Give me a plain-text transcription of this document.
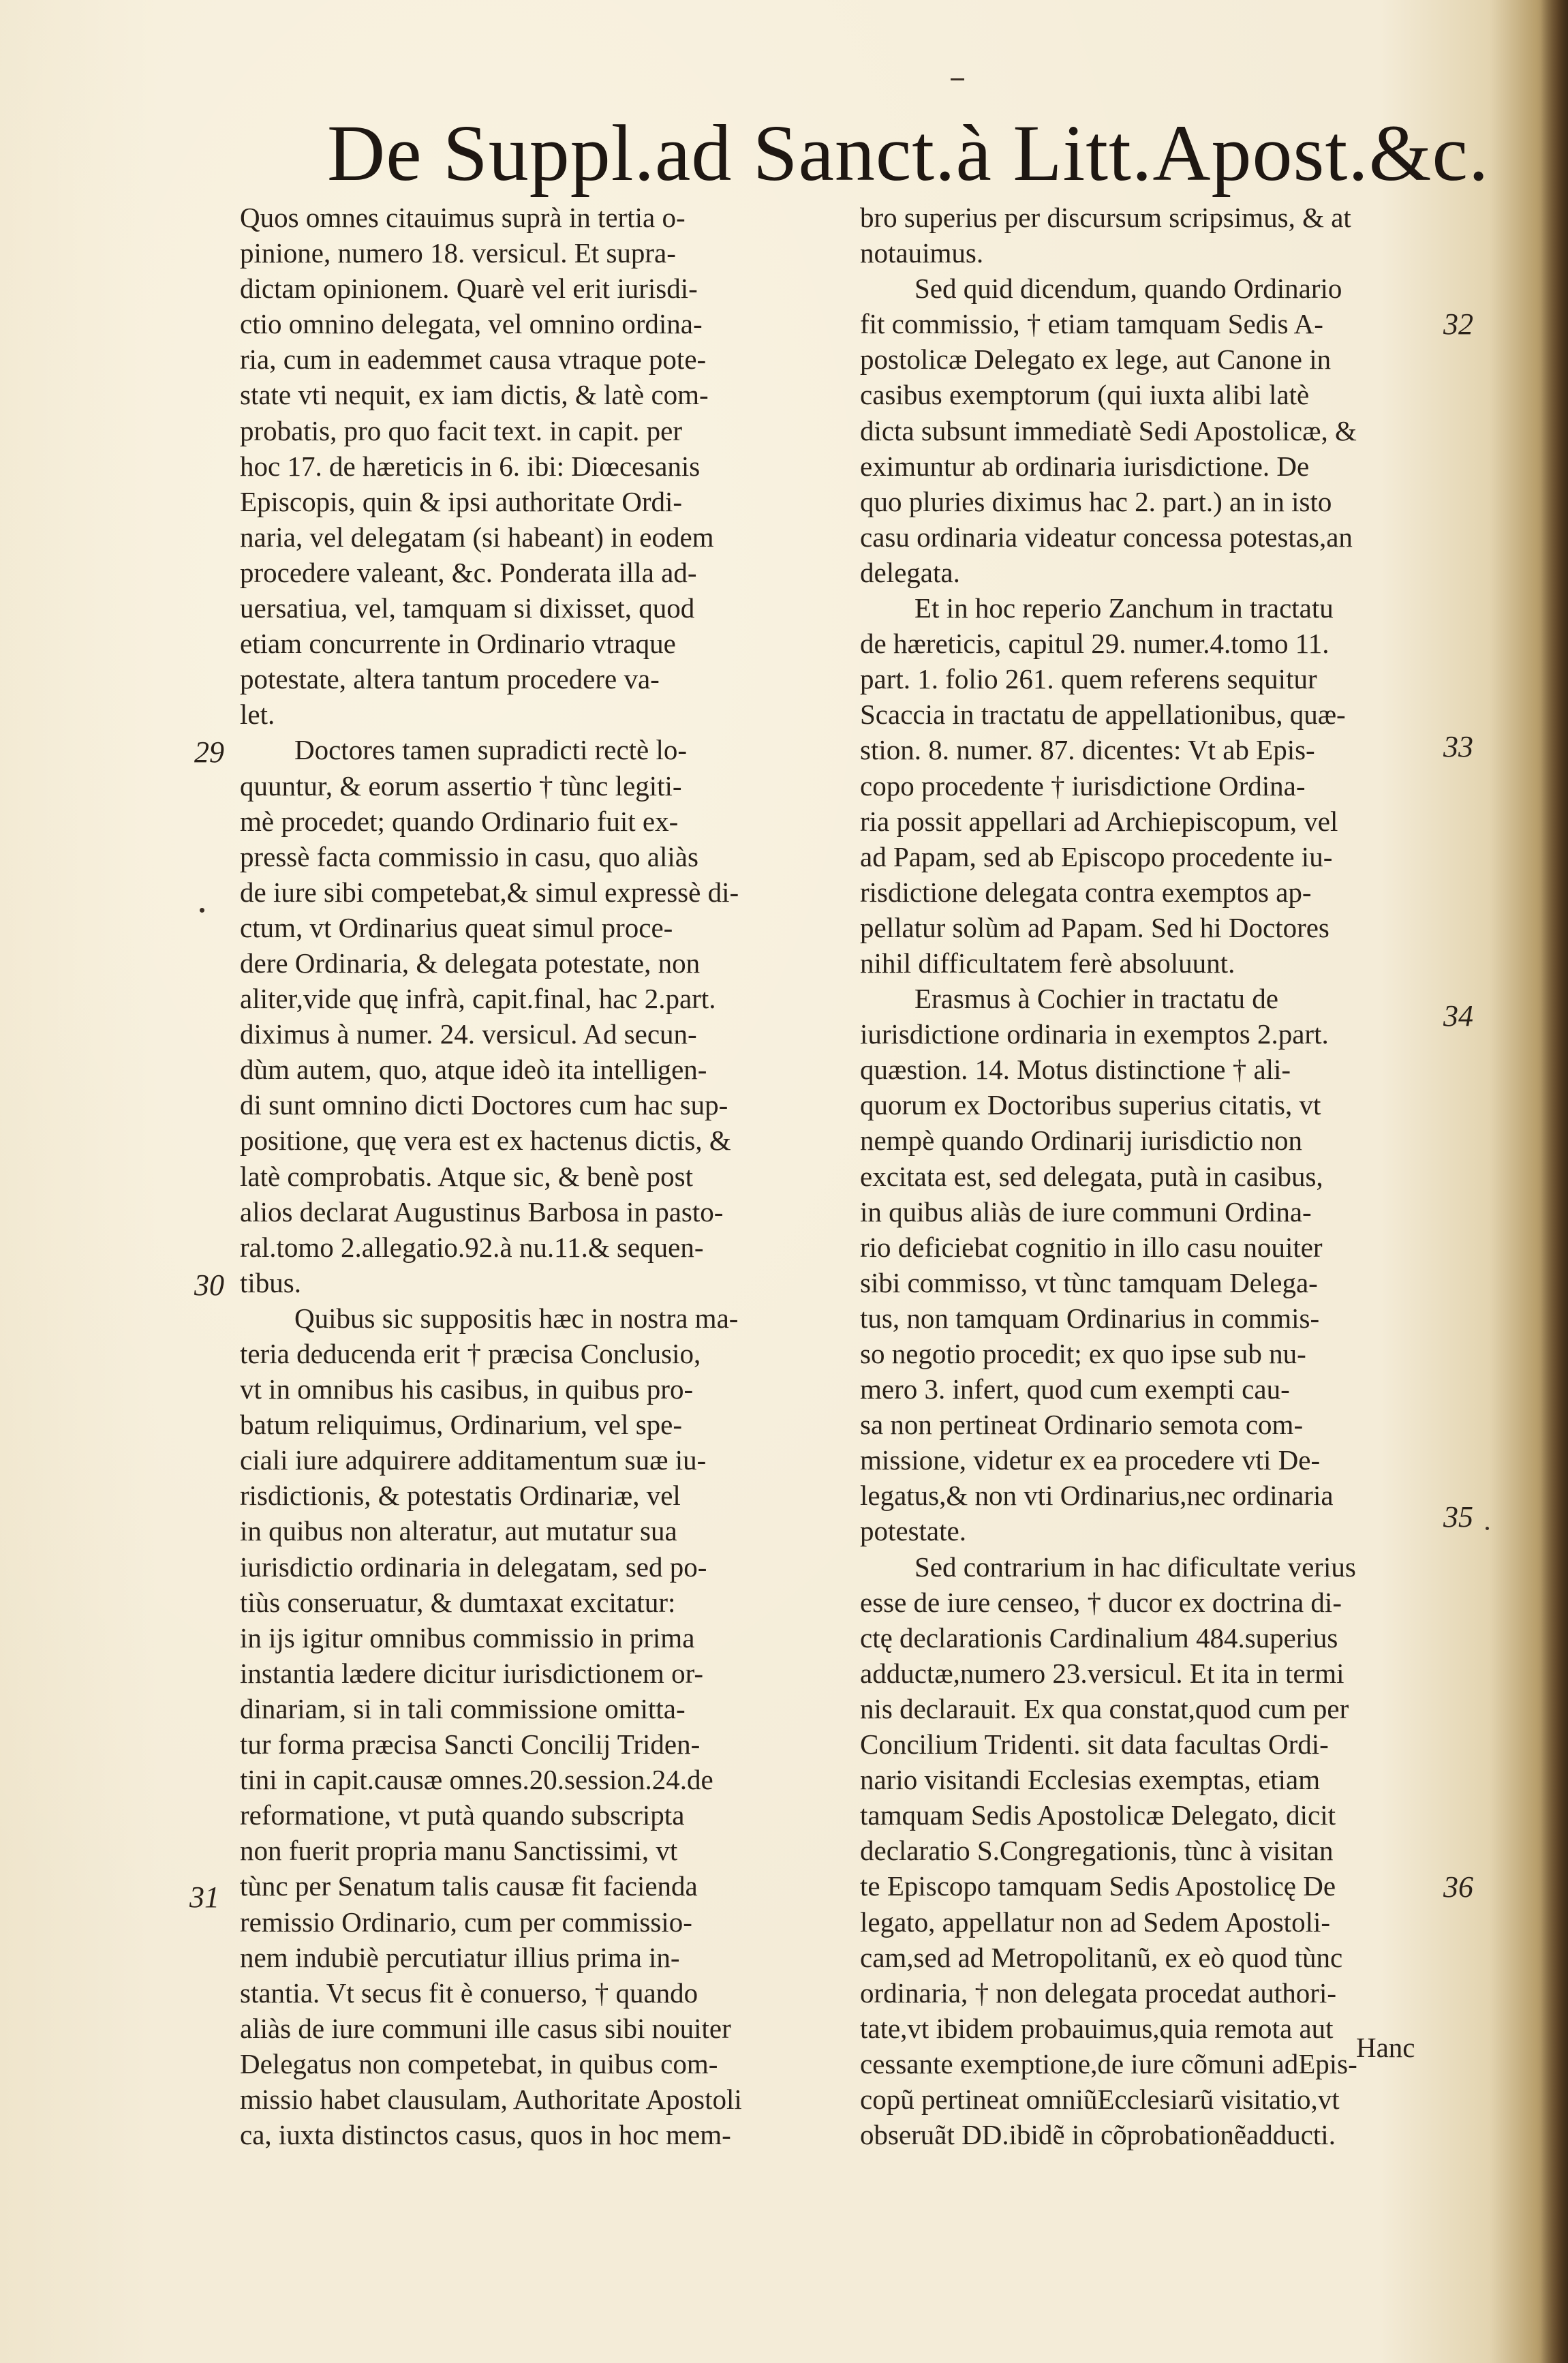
De Suppl.ad Sanct.à Litt.Apost.&c.
Quos omnes citauimus suprà in tertia o-
pinione, numero 18. versicul. Et supra-
dictam opinionem. Quarè vel erit iurisdi-
ctio omnino delegata, vel omnino ordina-
ria, cum in eademmet causa vtraque pote-
state vti nequit, ex iam dictis, & latè com-
probatis, pro quo facit text. in capit. per
hoc 17. de hæreticis in 6. ibi: Diœcesanis
Episcopis, quin & ipsi authoritate Ordi-
naria, vel delegatam (si habeant) in eodem
procedere valeant, &c. Ponderata illa ad-
uersatiua, vel, tamquam si dixisset, quod
etiam concurrente in Ordinario vtraque
potestate, altera tantum procedere va-
let.
Doctores tamen supradicti rectè lo-
quuntur, & eorum assertio † tùnc legiti-
mè procedet; quando Ordinario fuit ex-
pressè facta commissio in casu, quo aliàs
de iure sibi competebat,& simul expressè di-
ctum, vt Ordinarius queat simul proce-
dere Ordinaria, & delegata potestate, non
aliter,vide quę infrà, capit.final, hac 2.part.
diximus à numer. 24. versicul. Ad secun-
dùm autem, quo, atque ideò ita intelligen-
di sunt omnino dicti Doctores cum hac sup-
positione, quę vera est ex hactenus dictis, &
latè comprobatis. Atque sic, & benè post
alios declarat Augustinus Barbosa in pasto-
ral.tomo 2.allegatio.92.à nu.11.& sequen-
tibus.
Quibus sic suppositis hæc in nostra ma-
teria deducenda erit † præcisa Conclusio,
vt in omnibus his casibus, in quibus pro-
batum reliquimus, Ordinarium, vel spe-
ciali iure adquirere additamentum suæ iu-
risdictionis, & potestatis Ordinariæ, vel
in quibus non alteratur, aut mutatur sua
iurisdictio ordinaria in delegatam, sed po-
tiùs conseruatur, & dumtaxat excitatur:
in ijs igitur omnibus commissio in prima
instantia lædere dicitur iurisdictionem or-
dinariam, si in tali commissione omitta-
tur forma præcisa Sancti Concilij Triden-
tini in capit.causæ omnes.20.session.24.de
reformatione, vt putà quando subscripta
non fuerit propria manu Sanctissimi, vt
tùnc per Senatum talis causæ fit facienda
remissio Ordinario, cum per commissio-
nem indubiè percutiatur illius prima in-
stantia. Vt secus fit è conuerso, † quando
aliàs de iure communi ille casus sibi nouiter
Delegatus non competebat, in quibus com-
missio habet clausulam, Authoritate Apostoli
ca, iuxta distinctos casus, quos in hoc mem-
bro superius per discursum scripsimus, & at
notauimus.
Sed quid dicendum, quando Ordinario
fit commissio, † etiam tamquam Sedis A-
postolicæ Delegato ex lege, aut Canone in
casibus exemptorum (qui iuxta alibi latè
dicta subsunt immediatè Sedi Apostolicæ, &
eximuntur ab ordinaria iurisdictione. De
quo pluries diximus hac 2. part.) an in isto
casu ordinaria videatur concessa potestas,an
delegata.
Et in hoc reperio Zanchum in tractatu
de hæreticis, capitul 29. numer.4.tomo 11.
part. 1. folio 261. quem referens sequitur
Scaccia in tractatu de appellationibus, quæ-
stion. 8. numer. 87. dicentes: Vt ab Epis-
copo procedente † iurisdictione Ordina-
ria possit appellari ad Archiepiscopum, vel
ad Papam, sed ab Episcopo procedente iu-
risdictione delegata contra exemptos ap-
pellatur solùm ad Papam. Sed hi Doctores
nihil difficultatem ferè absoluunt.
Erasmus à Cochier in tractatu de
iurisdictione ordinaria in exemptos 2.part.
quæstion. 14. Motus distinctione † ali-
quorum ex Doctoribus superius citatis, vt
nempè quando Ordinarij iurisdictio non
excitata est, sed delegata, putà in casibus,
in quibus aliàs de iure communi Ordina-
rio deficiebat cognitio in illo casu nouiter
sibi commisso, vt tùnc tamquam Delega-
tus, non tamquam Ordinarius in commis-
so negotio procedit; ex quo ipse sub nu-
mero 3. infert, quod cum exempti cau-
sa non pertineat Ordinario semota com-
missione, videtur ex ea procedere vti De-
legatus,& non vti Ordinarius,nec ordinaria
potestate.
Sed contrarium in hac dificultate verius
esse de iure censeo, † ducor ex doctrina di-
ctę declarationis Cardinalium 484.superius
adductæ,numero 23.versicul. Et ita in termi
nis declarauit. Ex qua constat,quod cum per
Concilium Tridenti. sit data facultas Ordi-
nario visitandi Ecclesias exemptas, etiam
tamquam Sedis Apostolicæ Delegato, dicit
declaratio S.Congregationis, tùnc à visitan
te Episcopo tamquam Sedis Apostolicę De
legato, appellatur non ad Sedem Apostoli-
cam,sed ad Metropolitanũ, ex eò quod tùnc
ordinaria, † non delegata procedat authori-
tate,vt ibidem probauimus,quia remota aut
cessante exemptione,de iure cõmuni adEpis-
copũ pertineat omniũEcclesiarũ visitatio,vt
obseruãt DD.ibidẽ in cõprobationẽadducti.
29
30
31
32
33
34
35
36
Hanc
